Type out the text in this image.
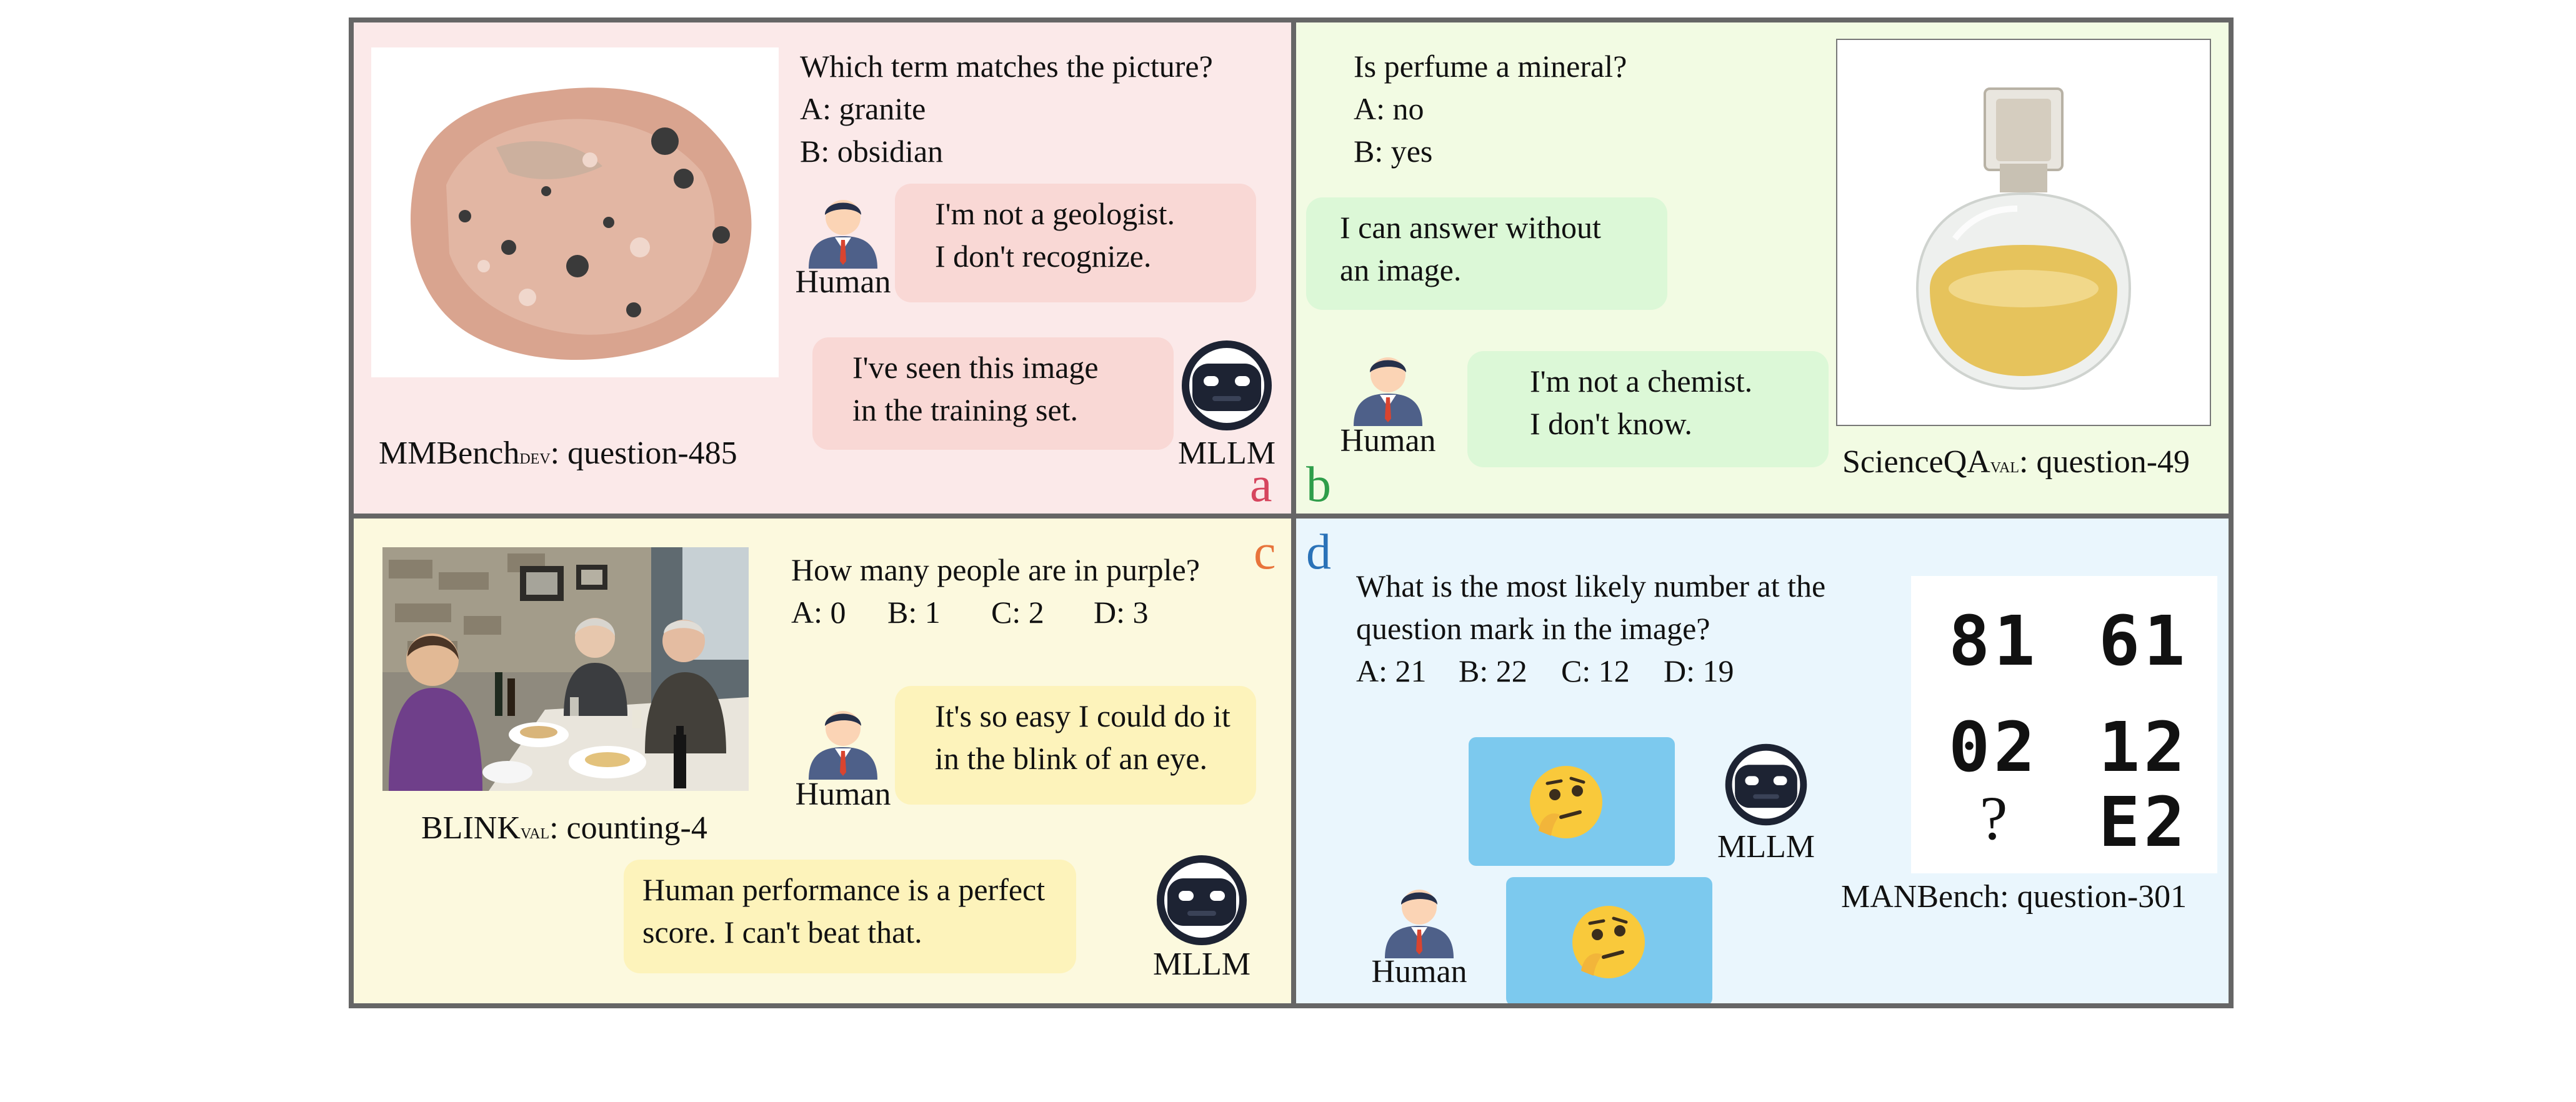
Which term matches the picture?
A: granite
B: obsidian
Human
I'm not a geologist.
I don't recognize.
I've seen this image
in the training set.
MLLM
MMBenchDEV: question-485
a
Is perfume a mineral?
A: no
B: yes
I can answer without
an image.
Human
I'm not a chemist.
I don't know.
ScienceQAVAL: question-49
b
BLINKVAL: counting-4
How many people are in purple?
A: 0 B: 1 C: 2 D: 3
c
Human
It's so easy I could do it
in the blink of an eye.
Human performance is a perfect
score. I can't beat that.
MLLM
d
What is the most likely number at the
question mark in the image?
A: 21 B: 22 C: 12 D: 19	81 61
02 12
? E2
MANBench: question-301
MLLM
Human
